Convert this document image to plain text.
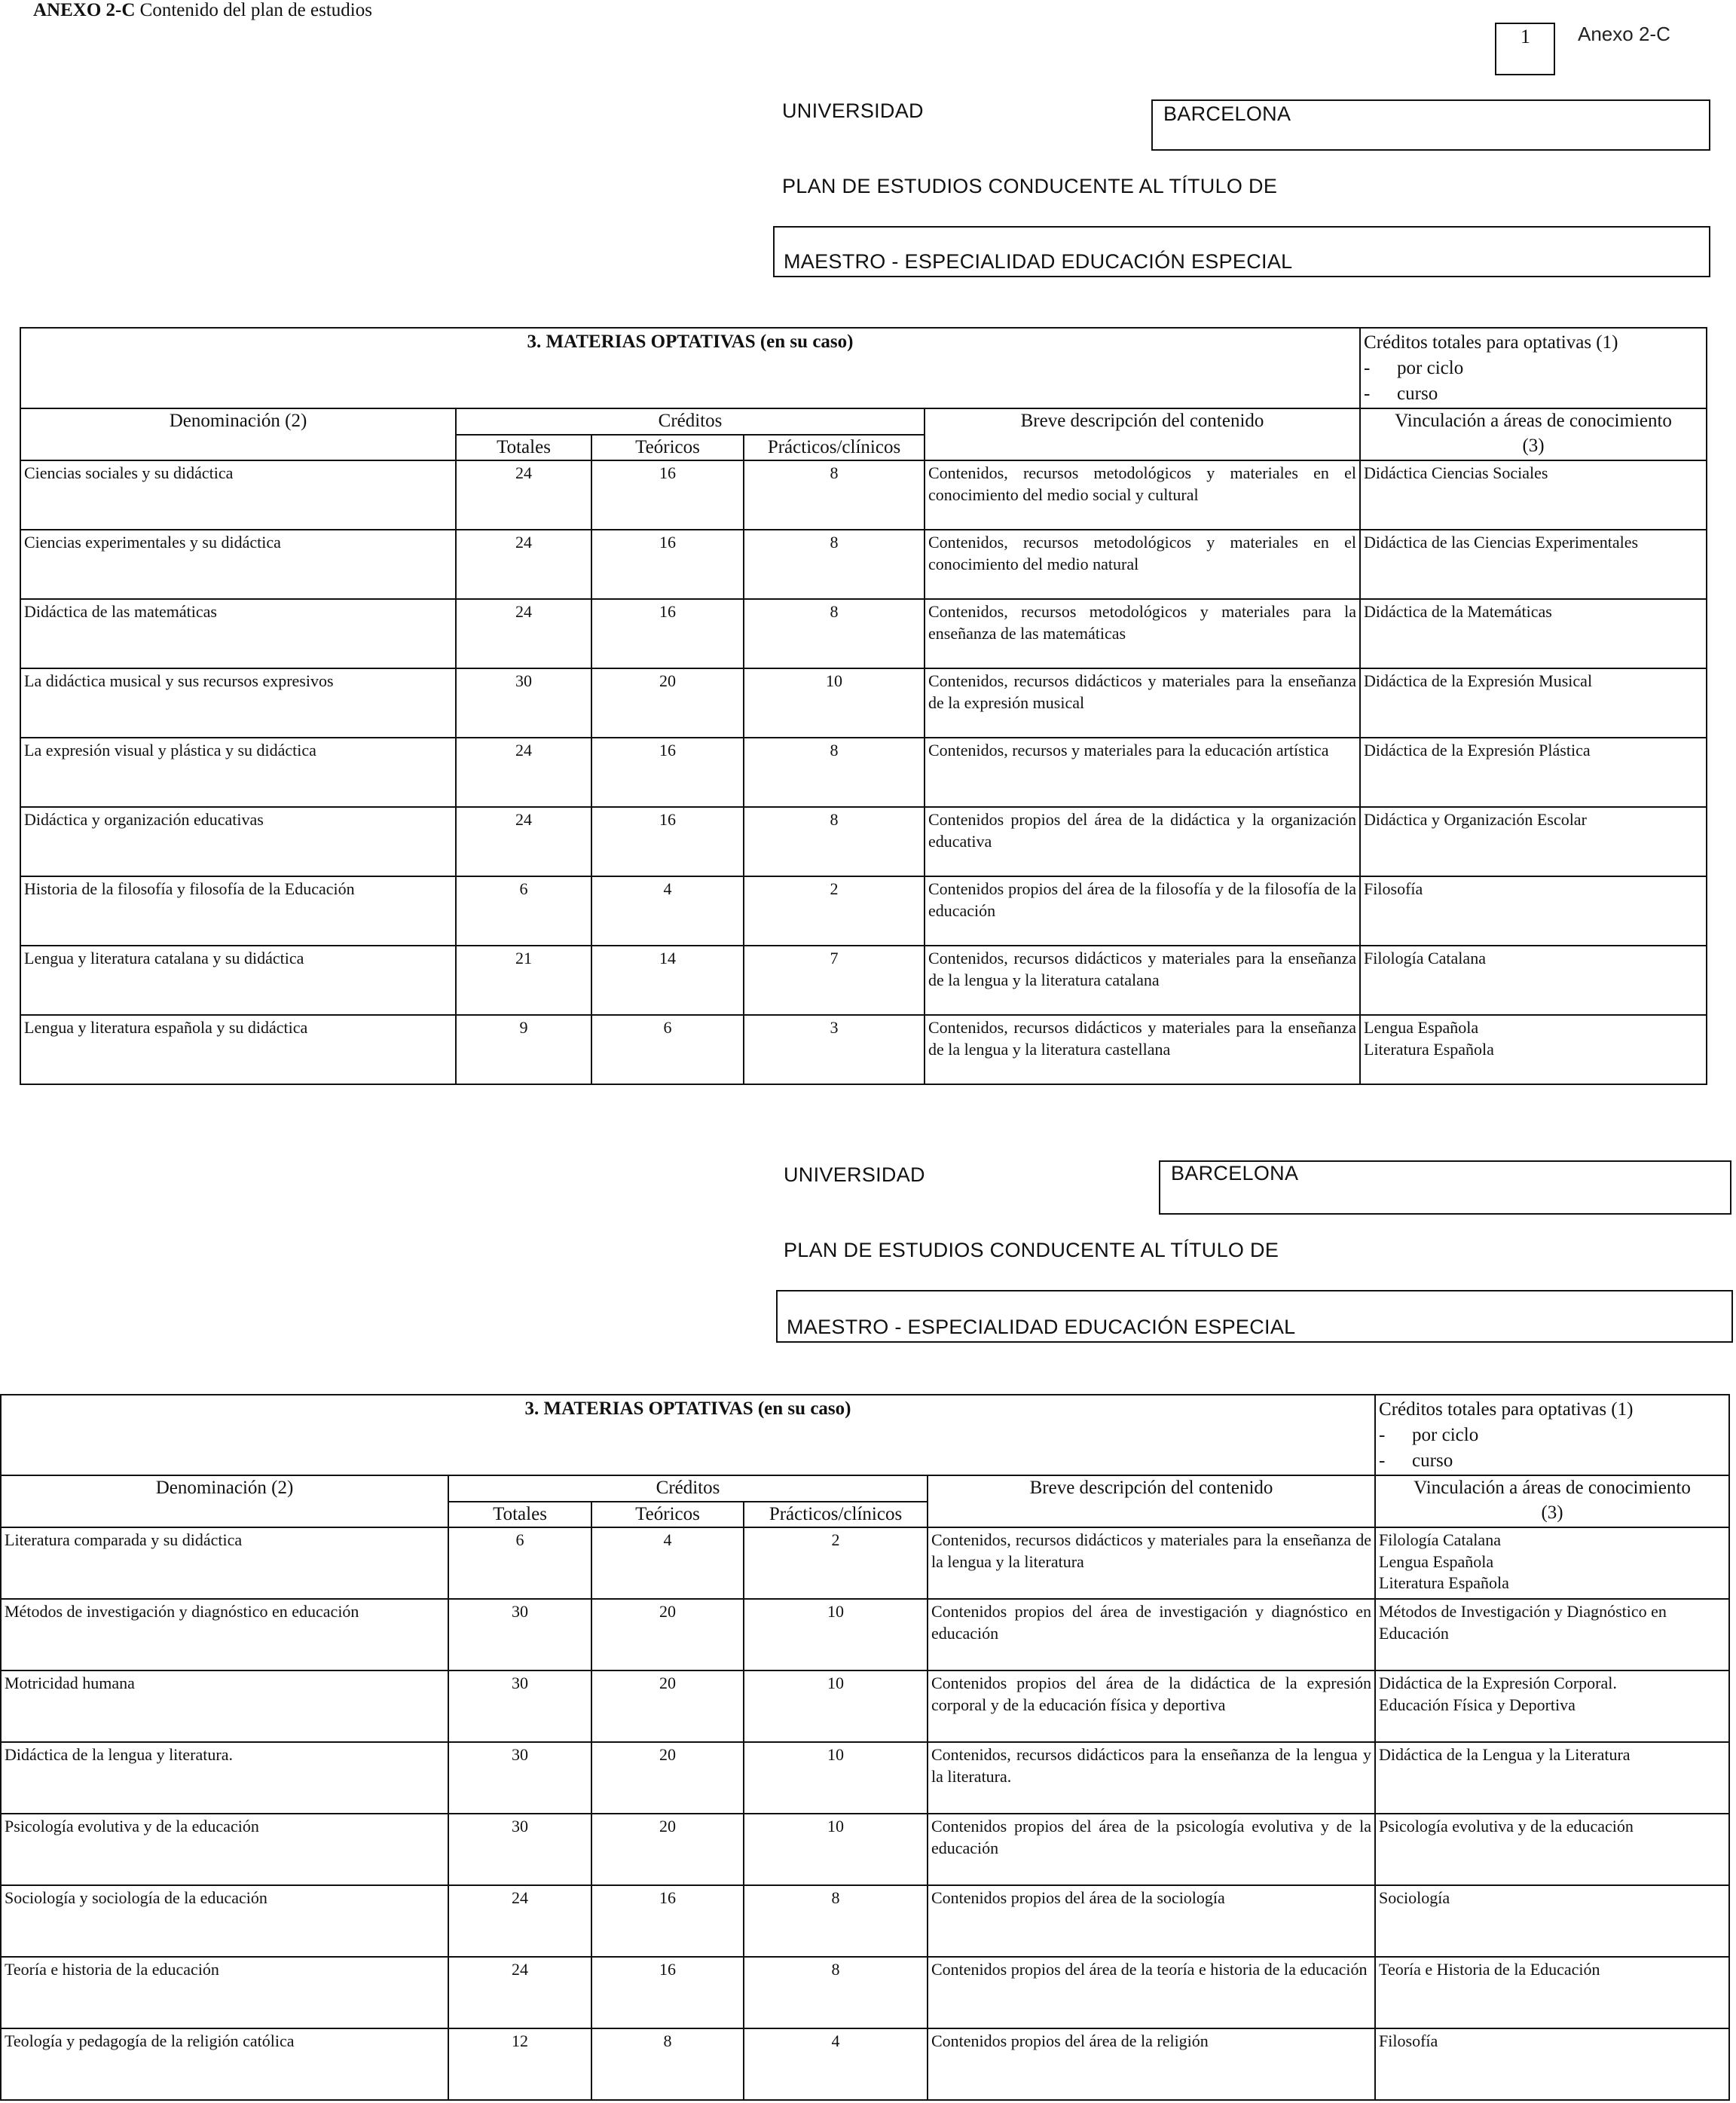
ANEXO 2-C Contenido del plan de estudios
1 Anexo 2-C
UNIVERSIDAD	BARCELONA
PLAN DE ESTUDIOS CONDUCENTE AL TÍTULO DE
MAESTRO - ESPECIALIDAD EDUCACIÓN ESPECIAL
3. MATERIAS OPTATIVAS (en su caso)					Créditos totales para optativas (1)
- por ciclo
- curso

Denominación (2)	Créditos			Breve descripción del contenido	Vinculación a áreas de conocimiento
(3)

	Totales	Teóricos	Prácticos/clínicos		
Ciencias sociales y su didáctica	24	16	8	Contenidos, recursos metodológicos y materiales en el conocimiento del medio social y cultural	Didáctica Ciencias Sociales

Ciencias experimentales y su didáctica	24	16	8	Contenidos, recursos metodológicos y materiales en el conocimiento del medio natural	Didáctica de las Ciencias Experimentales

Didáctica de las matemáticas	24	16	8	Contenidos, recursos metodológicos y materiales para la enseñanza de las matemáticas	Didáctica de la Matemáticas

La didáctica musical y sus recursos expresivos	30	20	10	Contenidos, recursos didácticos y materiales para la enseñanza de la expresión musical	Didáctica de la Expresión Musical

La expresión visual y plástica y su didáctica	24	16	8	Contenidos, recursos y materiales para la educación artística	Didáctica de la Expresión Plástica

Didáctica y organización educativas	24	16	8	Contenidos propios del área de la didáctica y la organización educativa	Didáctica y Organización Escolar

Historia de la filosofía y filosofía de la Educación	6	4	2	Contenidos propios del área de la filosofía y de la filosofía de la educación	Filosofía

Lengua y literatura catalana y su didáctica	21	14	7	Contenidos, recursos didácticos y materiales para la enseñanza de la lengua y la literatura catalana	Filología Catalana

Lengua y literatura española y su didáctica	9	6	3	Contenidos, recursos didácticos y materiales para la enseñanza de la lengua y la literatura castellana	Lengua Española
Literatura Española
UNIVERSIDAD	BARCELONA
PLAN DE ESTUDIOS CONDUCENTE AL TÍTULO DE
MAESTRO - ESPECIALIDAD EDUCACIÓN ESPECIAL
3. MATERIAS OPTATIVAS (en su caso)					Créditos totales para optativas (1)
- por ciclo
- curso

Denominación (2)	Créditos			Breve descripción del contenido	Vinculación a áreas de conocimiento
(3)

	Totales	Teóricos	Prácticos/clínicos		
Literatura comparada y su didáctica	6	4	2	Contenidos, recursos didácticos y materiales para la enseñanza de la lengua y la literatura	Filología Catalana
Lengua Española
Literatura Española

Métodos de investigación y diagnóstico en educación	30	20	10	Contenidos propios del área de investigación y diagnóstico en educación	Métodos de Investigación y Diagnóstico en
Educación

Motricidad humana	30	20	10	Contenidos propios del área de la didáctica de la expresión corporal y de la educación física y deportiva	Didáctica de la Expresión Corporal.
Educación Física y Deportiva

Didáctica de la lengua y literatura.	30	20	10	Contenidos, recursos didácticos para la enseñanza de la lengua y la literatura.	Didáctica de la Lengua y la Literatura

Psicología evolutiva y de la educación	30	20	10	Contenidos propios del área de la psicología evolutiva y de la educación	Psicología evolutiva y de la educación

Sociología y sociología de la educación	24	16	8	Contenidos propios del área de la sociología	Sociología

Teoría e historia de la educación	24	16	8	Contenidos propios del área de la teoría e historia de la educación	Teoría e Historia de la Educación

Teología y pedagogía de la religión católica	12	8	4	Contenidos propios del área de la religión	Filosofía
